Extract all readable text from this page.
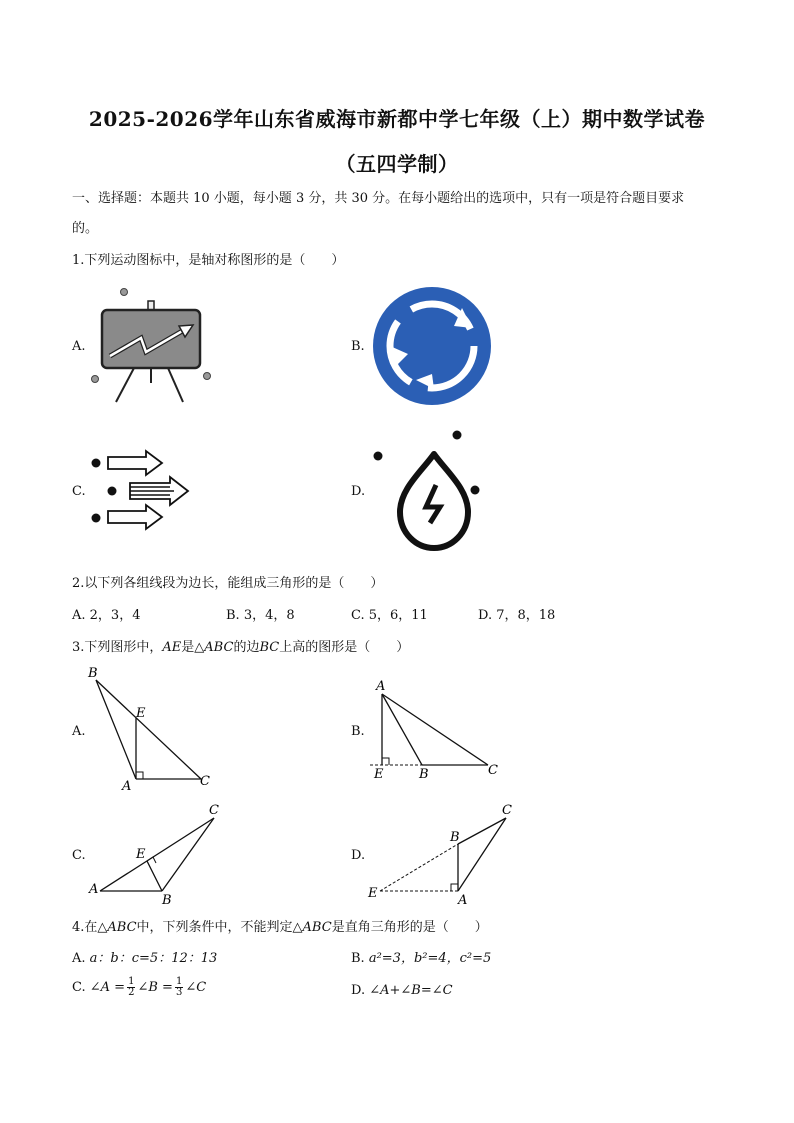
2025-2026学年山东省威海市新都中学七年级（上）期中数学试卷
（五四学制）
一、选择题：本题共 10 小题，每小题 3 分，共 30 分。在每小题给出的选项中，只有一项是符合题目要求
的。
1.下列运动图标中，是轴对称图形的是（　　）
A.	B.
C.	D.
2.以下列各组线段为边长，能组成三角形的是（　　）
A. 2，3，4	B. 3，4，8	C. 5，6，11	D. 7，8，18
3.下列图形中，AE是△ABC的边BC上高的图形是（　　）
A.
B
E
A	C
B.
A
E	B	C
C.
C
E
A
B
D.
C
B
E	A
4.在△ABC中，下列条件中，不能判定△ABC是直角三角形的是（　　）
A. a：b：c=5：12：13	B. a²=3，b²=4，c²=5
C. ∠A = $\frac{1}{2}$ ∠B = $\frac{1}{3}$ ∠C	D. ∠A+∠B=∠C
